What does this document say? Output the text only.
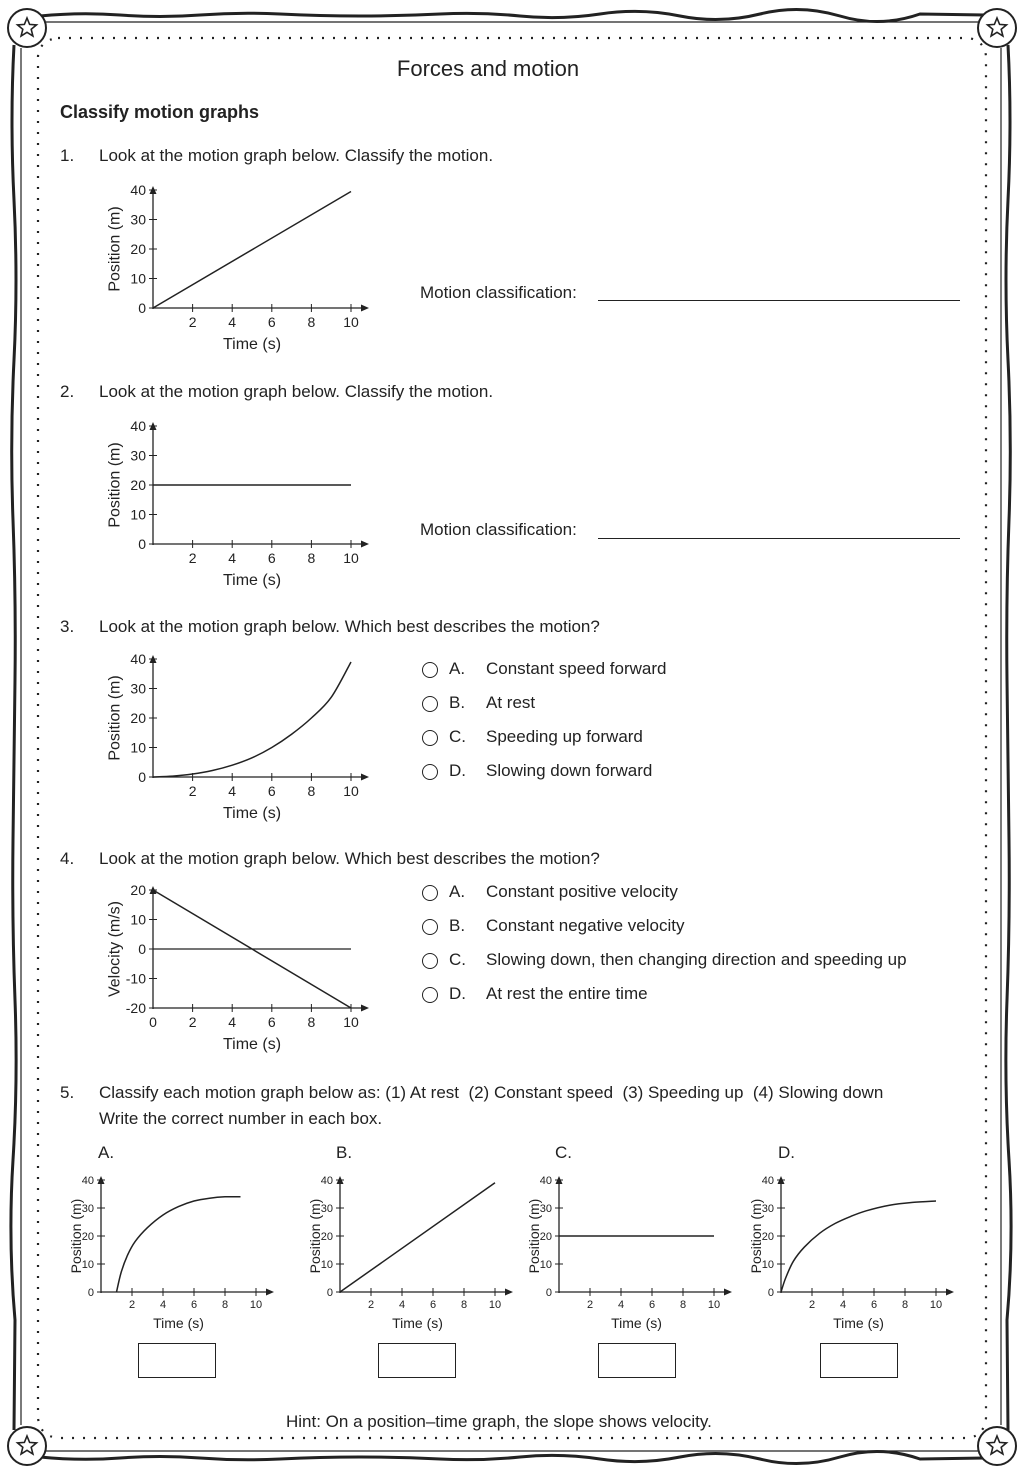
Forces and motion
Classify motion graphs
1. Look at the motion graph below. Classify the motion.
0
10
20
30
40
2 4 6 8 10
Time (s)
Position (m)
Motion classification:
2. Look at the motion graph below. Classify the motion.
0
10
20
30
40
2 4 6 8 10
Time (s)
Position (m)
Motion classification:
3. Look at the motion graph below. Which best describes the motion?
0
10
20
30
40
2 4 6 8 10
Time (s)
Position (m)
A. Constant speed forward
B. At rest
C. Speeding up forward
D. Slowing down forward
4. Look at the motion graph below. Which best describes the motion?
-20
-10
0
10
20
0 2 4 6 8 10
Time (s)
Velocity (m/s)
A. Constant positive velocity
B. Constant negative velocity
C. Slowing down, then changing direction and speeding up
D. At rest the entire time
5. Classify each motion graph below as: (1) At rest  (2) Constant speed  (3) Speeding up  (4) Slowing down
Write the correct number in each box.
A.	B.	C.	D.
0
10
20
30
40
2 4 6 8 10
Time (s)
Position (m)
0
10
20
30
40
2 4 6 8 10
Time (s)
Position (m)
0
10
20
30
40
2 4 6 8 10
Time (s)
Position (m)
0
10
20
30
40
2 4 6 8 10
Time (s)
Position (m)
Hint: On a position–time graph, the slope shows velocity.
